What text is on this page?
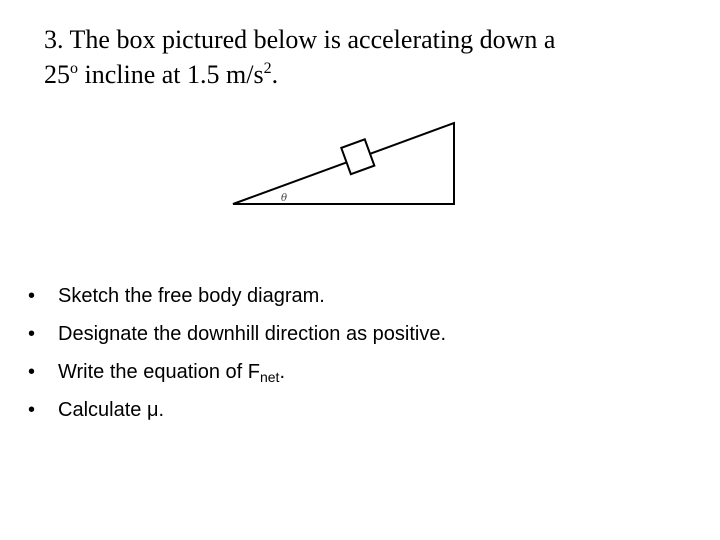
3. The box pictured below is accelerating down a
25$^o$ incline at 1.5 $m/s^2$.
θ
• Sketch the free body diagram.
• Designate the downhill direction as positive.
• Write the equation of $F_{net}$.
• Calculate μ.
